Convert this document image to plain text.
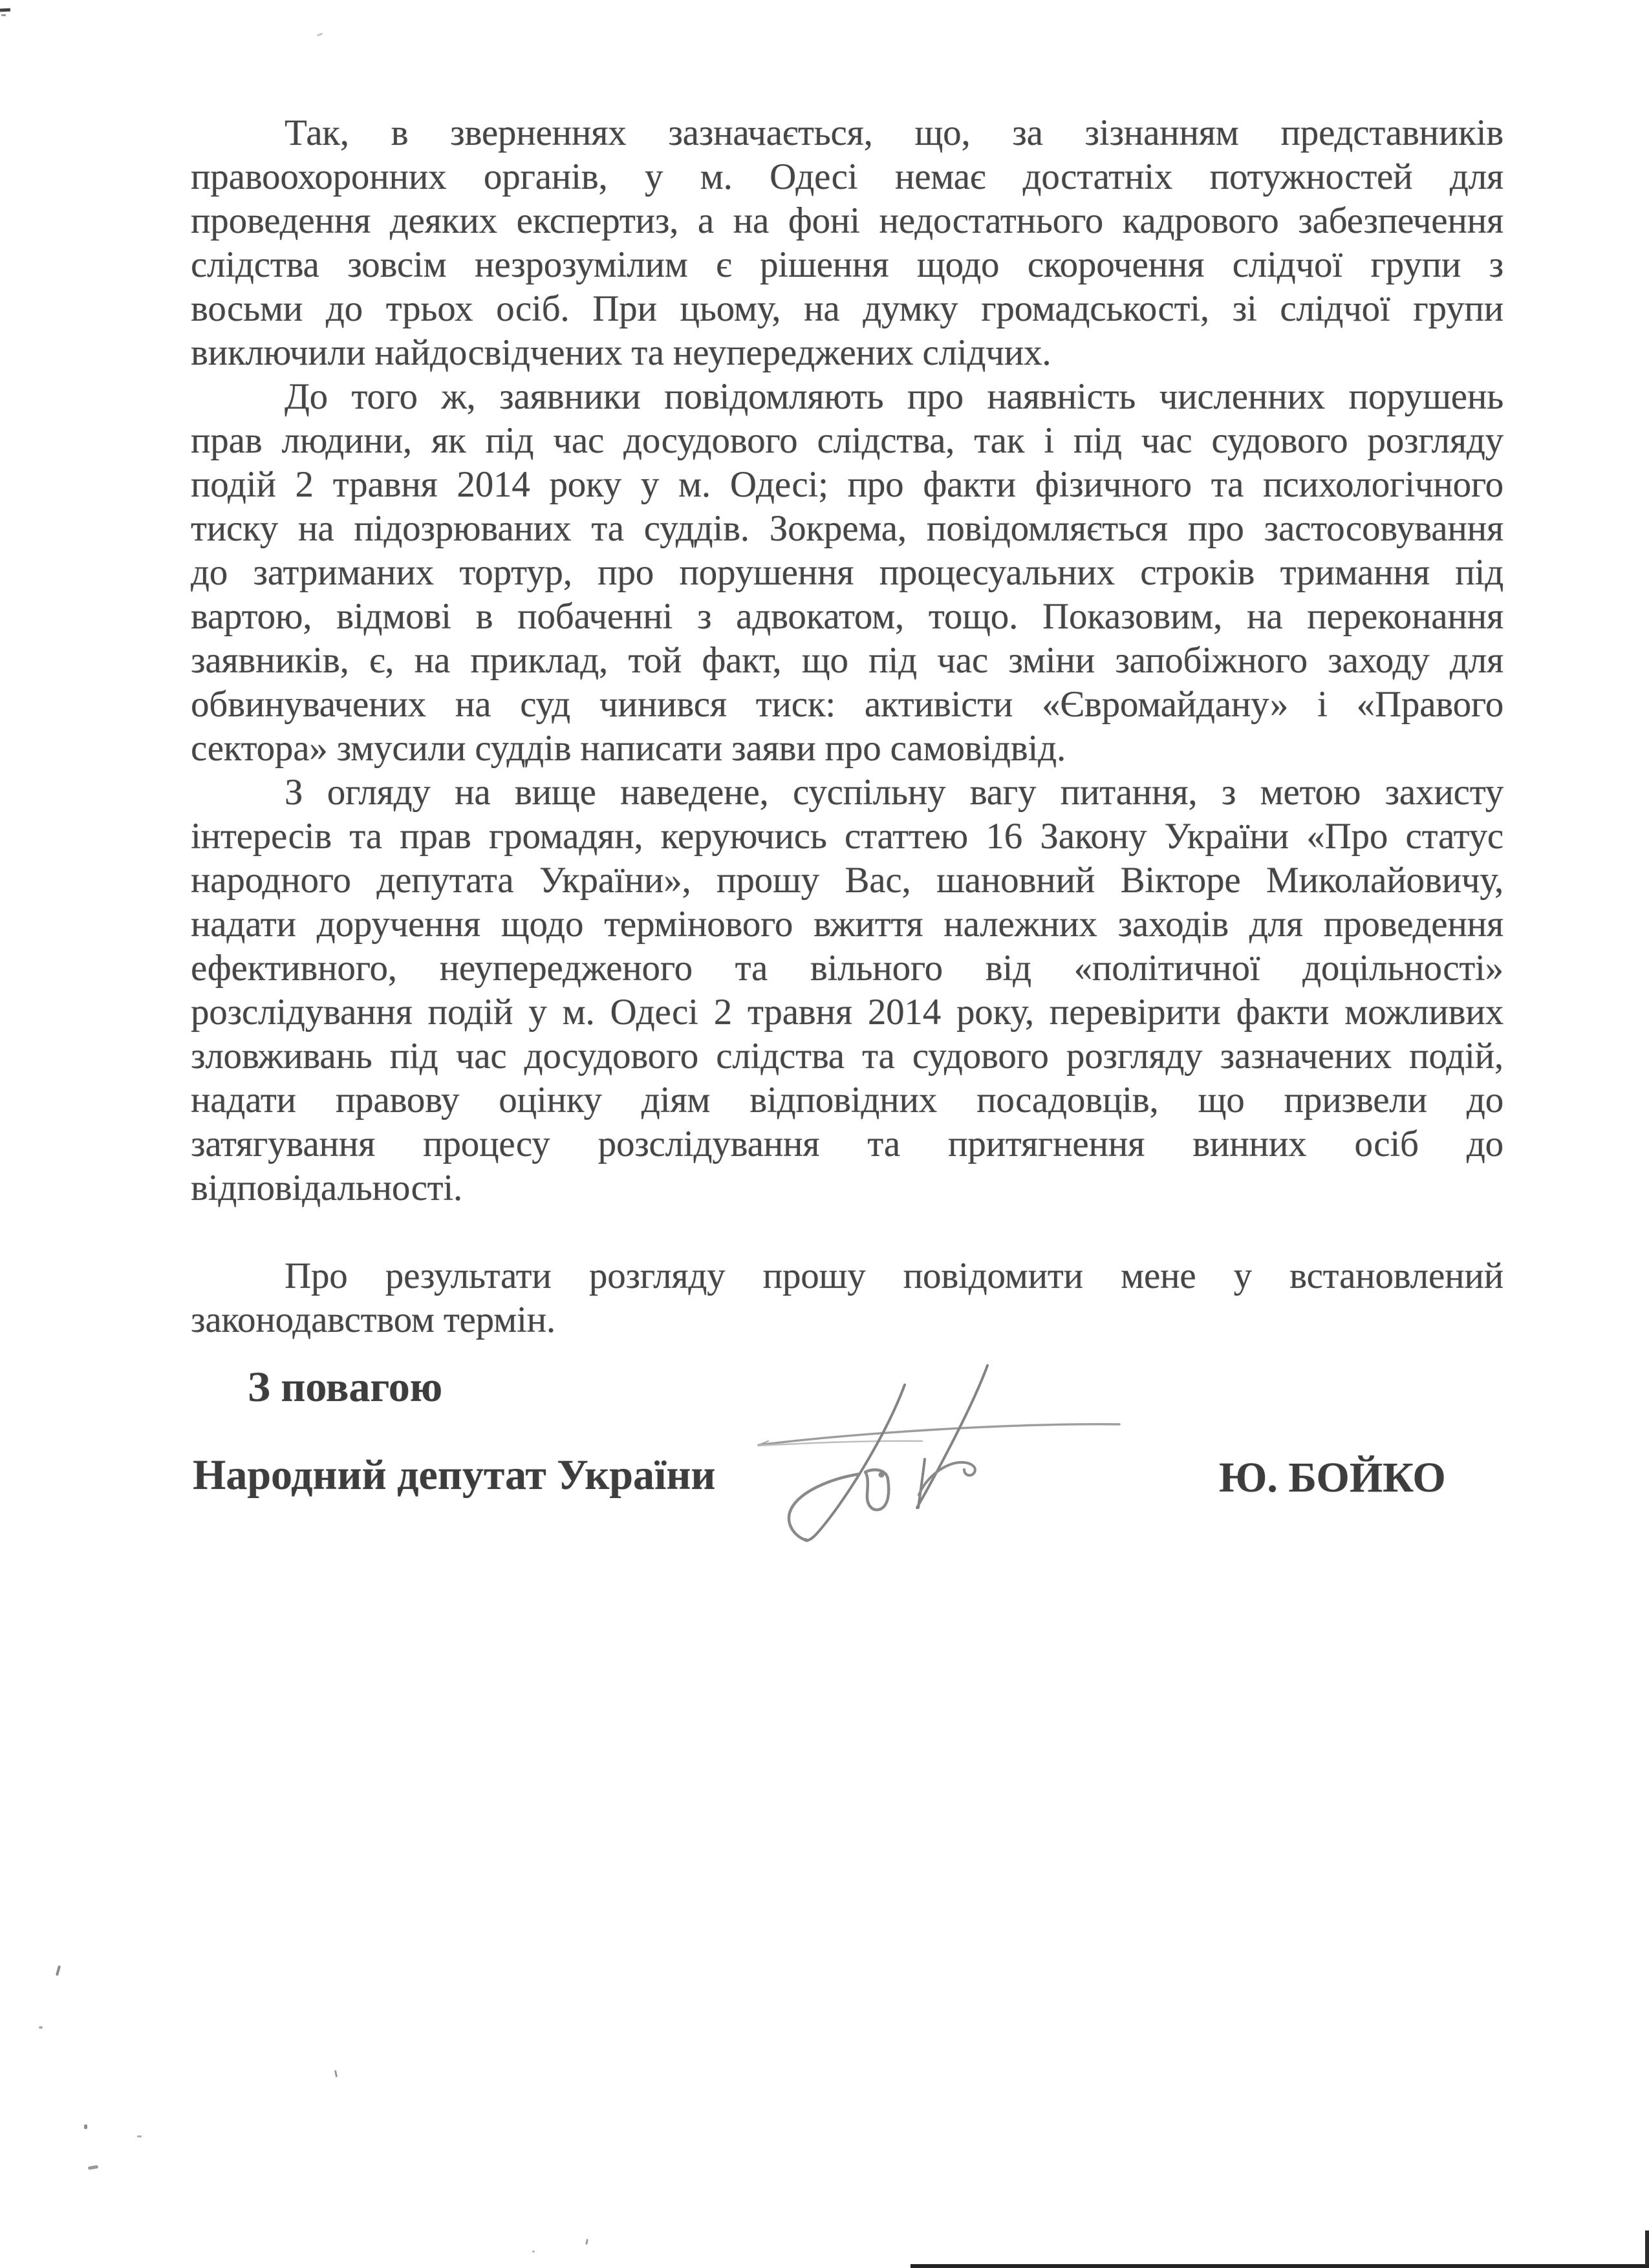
Так, в зверненнях зазначається, що, за зізнанням представників
правоохоронних органів, у м. Одесі немає достатніх потужностей для
проведення деяких експертиз, а на фоні недостатнього кадрового забезпечення
слідства зовсім незрозумілим є рішення щодо скорочення слідчої групи з
восьми до трьох осіб. При цьому, на думку громадськості, зі слідчої групи
виключили найдосвідчених та неупереджених слідчих.

До того ж, заявники повідомляють про наявність численних порушень
прав людини, як під час досудового слідства, так і під час судового розгляду
подій 2 травня 2014 року у м. Одесі; про факти фізичного та психологічного
тиску на підозрюваних та суддів. Зокрема, повідомляється про застосовування
до затриманих тортур, про порушення процесуальних строків тримання під
вартою, відмові в побаченні з адвокатом, тощо. Показовим, на переконання
заявників, є, на приклад, той факт, що під час зміни запобіжного заходу для
обвинувачених на суд чинився тиск: активісти «Євромайдану» і «Правого
сектора» змусили суддів написати заяви про самовідвід.

З огляду на вище наведене, суспільну вагу питання, з метою захисту
інтересів та прав громадян, керуючись статтею 16 Закону України «Про статус
народного депутата України», прошу Вас, шановний Вікторе Миколайовичу,
надати доручення щодо термінового вжиття належних заходів для проведення
ефективного, неупередженого та вільного від «політичної доцільності»
розслідування подій у м. Одесі 2 травня 2014 року, перевірити факти можливих
зловживань під час досудового слідства та судового розгляду зазначених подій,
надати правову оцінку діям відповідних посадовців, що призвели до
затягування процесу розслідування та притягнення винних осіб до
відповідальності.

Про результати розгляду прошу повідомити мене у встановлений
законодавством термін.

З повагою
Народний депутат України	Ю. БОЙКО
